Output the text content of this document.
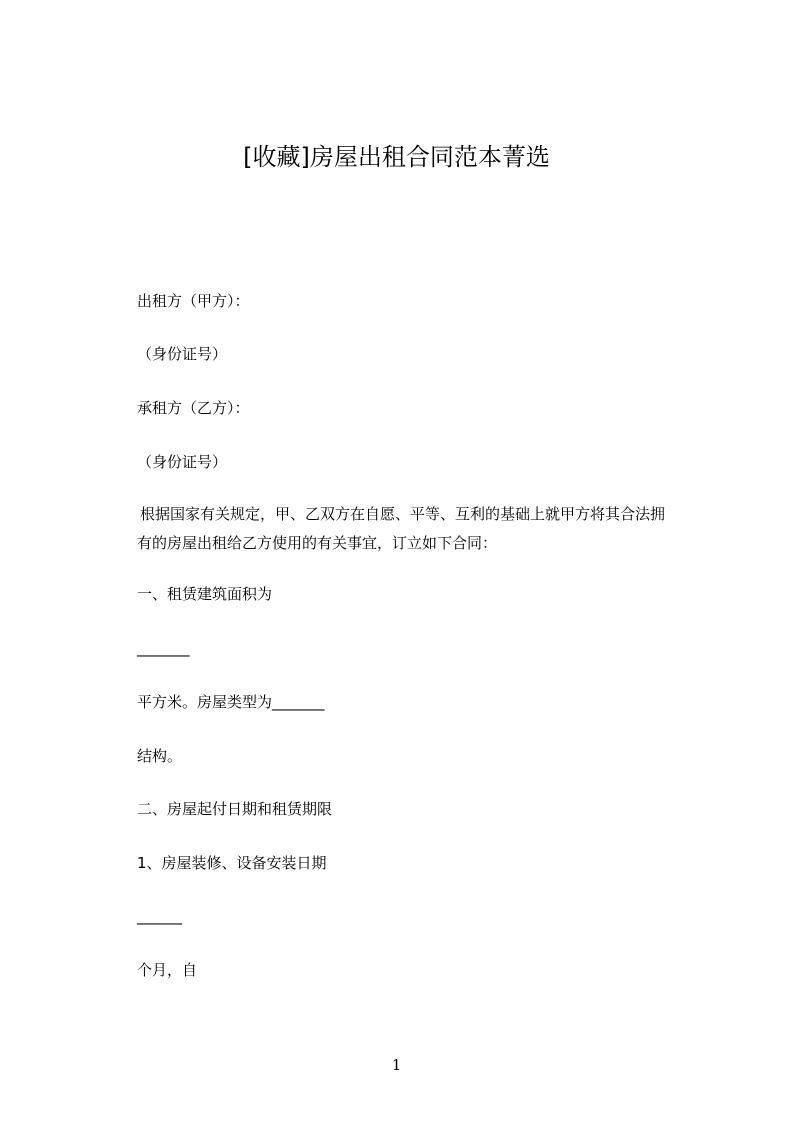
[收藏]房屋出租合同范本菁选
出租方（甲方）：
（身份证号）
承租方（乙方）：
（身份证号）
根据国家有关规定，甲、乙双方在自愿、平等、互利的基础上就甲方将其合法拥
有的房屋出租给乙方使用的有关事宜，订立如下合同：
一、租赁建筑面积为
_______
平方米。房屋类型为_______
结构。
二、房屋起付日期和租赁期限
1、房屋装修、设备安装日期
______
个月，自
1
